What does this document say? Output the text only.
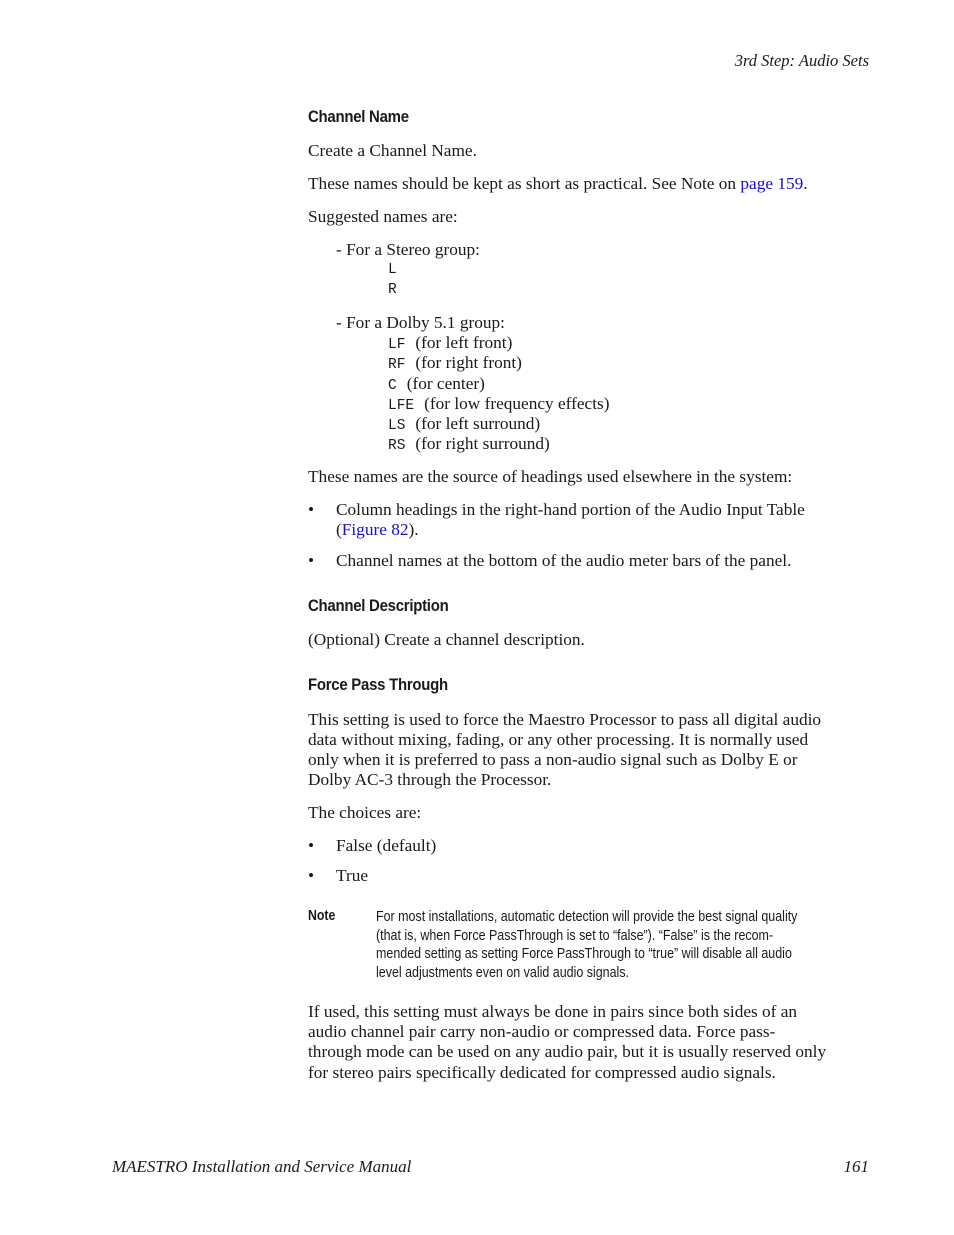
3rd Step: Audio Sets
Channel Name
Create a Channel Name.
These names should be kept as short as practical. See Note on page 159.
Suggested names are:
- For a Stereo group:
L
R
- For a Dolby 5.1 group:
LF (for left front)
RF (for right front)
C (for center)
LFE (for low frequency effects)
LS (for left surround)
RS (for right surround)
These names are the source of headings used elsewhere in the system:
• Column headings in the right-hand portion of the Audio Input Table
(Figure 82).
• Channel names at the bottom of the audio meter bars of the panel.
Channel Description
(Optional) Create a channel description.
Force Pass Through
This setting is used to force the Maestro Processor to pass all digital audio
data without mixing, fading, or any other processing. It is normally used
only when it is preferred to pass a non-audio signal such as Dolby E or
Dolby AC-3 through the Processor.
The choices are:
• False (default)
• True
Note	For most installations, automatic detection will provide the best signal quality
(that is, when Force PassThrough is set to “false”). “False” is the recom-
mended setting as setting Force PassThrough to “true” will disable all audio
level adjustments even on valid audio signals.
If used, this setting must always be done in pairs since both sides of an
audio channel pair carry non-audio or compressed data. Force pass-
through mode can be used on any audio pair, but it is usually reserved only
for stereo pairs specifically dedicated for compressed audio signals.
MAESTRO Installation and Service Manual	161
